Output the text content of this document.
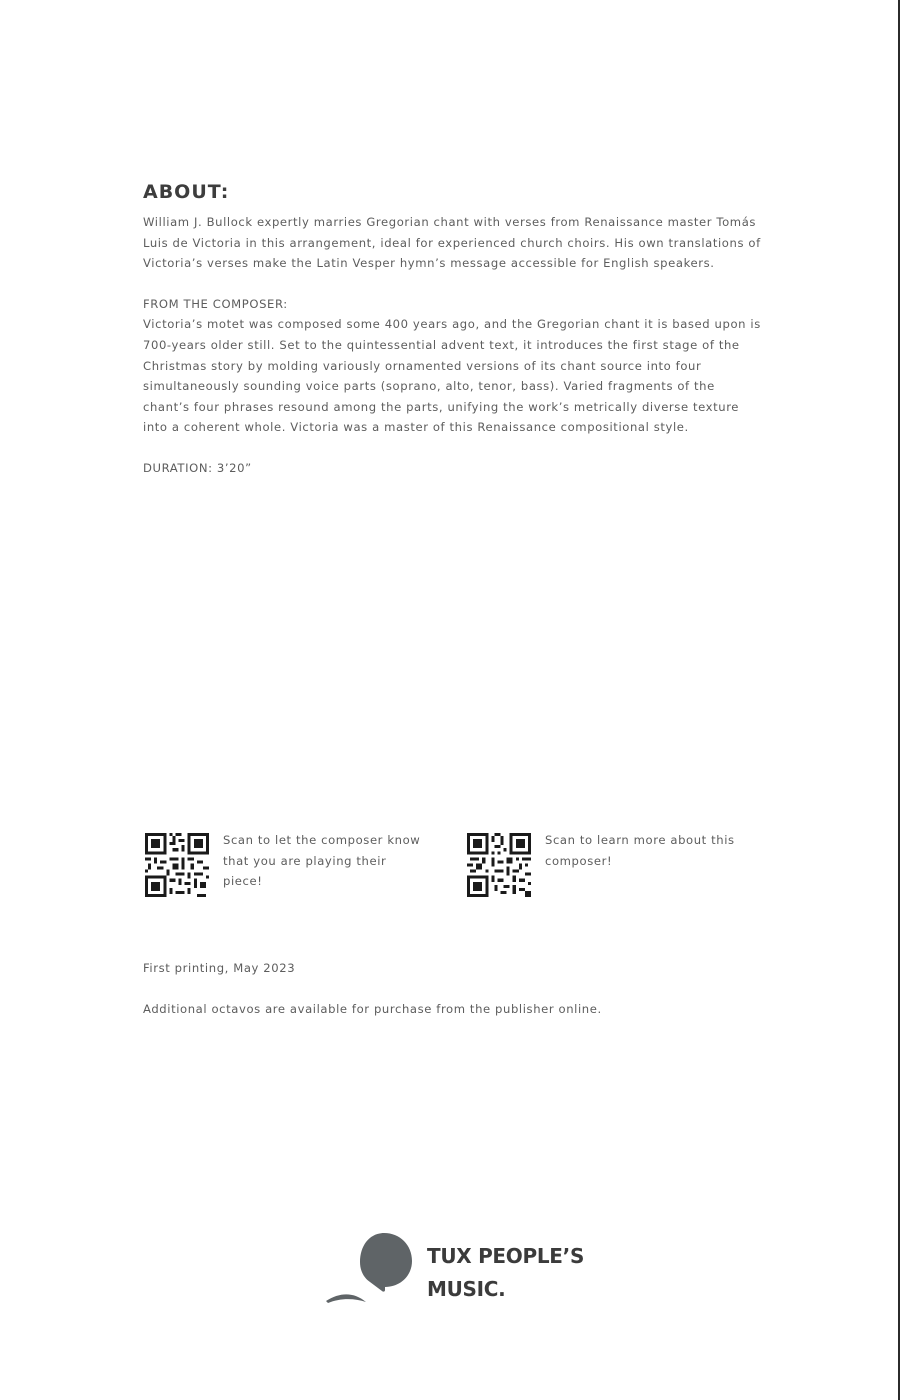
ABOUT:

William J. Bullock expertly marries Gregorian chant with verses from Renaissance master Tomás Luis de Victoria in this arrangement, ideal for experienced church choirs. His own translations of Victoria’s verses make the Latin Vesper hymn’s message accessible for English speakers.

FROM THE COMPOSER:

Victoria’s motet was composed some 400 years ago, and the Gregorian chant it is based upon is 700-years older still. Set to the quintessential advent text, it introduces the first stage of the Christmas story by molding variously ornamented versions of its chant source into four simultaneously sounding voice parts (soprano, alto, tenor, bass). Varied fragments of the chant’s four phrases resound among the parts, unifying the work’s metrically diverse texture into a coherent whole. Victoria was a master of this Renaissance compositional style.

DURATION: 3’20”

Scan to let the composer know that you are playing their piece!
Scan to learn more about this composer!

First printing, May 2023

Additional octavos are available for purchase from the publisher online.

TUX PEOPLE’S
MUSIC.
